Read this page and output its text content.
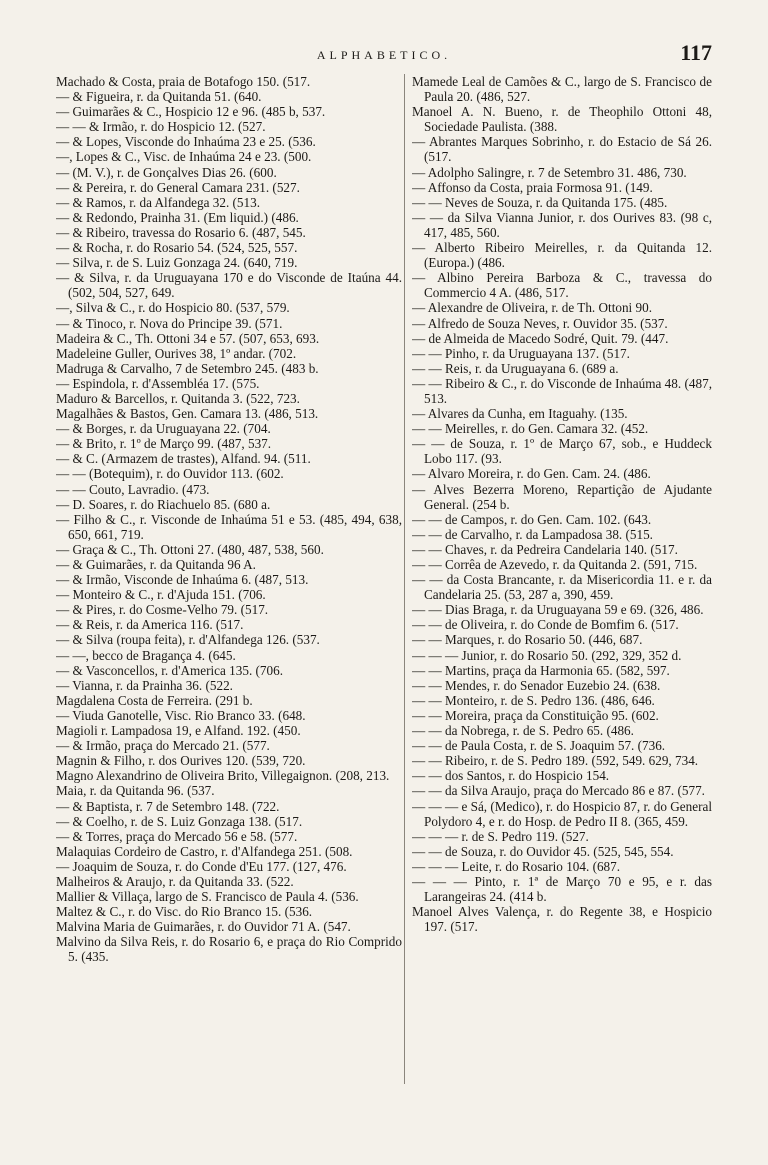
ALPHABETICO.	117

Machado & Costa, praia de Botafogo 150. (517.

— & Figueira, r. da Quitanda 51. (640.

— Guimarães & C., Hospicio 12 e 96. (485 b, 537.

— — & Irmão, r. do Hospicio 12. (527.

— & Lopes, Visconde do Inhaúma 23 e 25. (536.

—, Lopes & C., Visc. de Inhaúma 24 e 23. (500.

— (M. V.), r. de Gonçalves Dias 26. (600.

— & Pereira, r. do General Camara 231. (527.

— & Ramos, r. da Alfandega 32. (513.

— & Redondo, Prainha 31. (Em liquid.) (486.

— & Ribeiro, travessa do Rosario 6. (487, 545.

— & Rocha, r. do Rosario 54. (524, 525, 557.

— Silva, r. de S. Luiz Gonzaga 24. (640, 719.

— & Silva, r. da Uruguayana 170 e do Visconde de Itaúna 44. (502, 504, 527, 649.

—, Silva & C., r. do Hospicio 80. (537, 579.

— & Tinoco, r. Nova do Principe 39. (571.

Madeira & C., Th. Ottoni 34 e 57. (507, 653, 693.

Madeleine Guller, Ourives 38, 1º andar. (702.

Madruga & Carvalho, 7 de Setembro 245. (483 b.

— Espindola, r. d'Assembléa 17. (575.

Maduro & Barcellos, r. Quitanda 3. (522, 723.

Magalhães & Bastos, Gen. Camara 13. (486, 513.

— & Borges, r. da Uruguayana 22. (704.

— & Brito, r. 1º de Março 99. (487, 537.

— & C. (Armazem de trastes), Alfand. 94. (511.

— — (Botequim), r. do Ouvidor 113. (602.

— — Couto, Lavradio. (473.

— D. Soares, r. do Riachuelo 85. (680 a.

— Filho & C., r. Visconde de Inhaúma 51 e 53. (485, 494, 638, 650, 661, 719.

— Graça & C., Th. Ottoni 27. (480, 487, 538, 560.

— & Guimarães, r. da Quitanda 96 A.

— & Irmão, Visconde de Inhaúma 6. (487, 513.

— Monteiro & C., r. d'Ajuda 151. (706.

— & Pires, r. do Cosme-Velho 79. (517.

— & Reis, r. da America 116. (517.

— & Silva (roupa feita), r. d'Alfandega 126. (537.

— —, becco de Bragança 4. (645.

— & Vasconcellos, r. d'America 135. (706.

— Vianna, r. da Prainha 36. (522.

Magdalena Costa de Ferreira. (291 b.

— Viuda Ganotelle, Visc. Rio Branco 33. (648.

Magioli r. Lampadosa 19, e Alfand. 192. (450.

— & Irmão, praça do Mercado 21. (577.

Magnin & Filho, r. dos Ourives 120. (539, 720.

Magno Alexandrino de Oliveira Brito, Villegaignon. (208, 213.

Maia, r. da Quitanda 96. (537.

— & Baptista, r. 7 de Setembro 148. (722.

— & Coelho, r. de S. Luiz Gonzaga 138. (517.

— & Torres, praça do Mercado 56 e 58. (577.

Malaquias Cordeiro de Castro, r. d'Alfandega 251. (508.

— Joaquim de Souza, r. do Conde d'Eu 177. (127, 476.

Malheiros & Araujo, r. da Quitanda 33. (522.

Mallier & Villaça, largo de S. Francisco de Paula 4. (536.

Maltez & C., r. do Visc. do Rio Branco 15. (536.

Malvina Maria de Guimarães, r. do Ouvidor 71 A. (547.

Malvino da Silva Reis, r. do Rosario 6, e praça do Rio Comprido 5. (435.

Mamede Leal de Camões & C., largo de S. Francisco de Paula 20. (486, 527.

Manoel A. N. Bueno, r. de Theophilo Ottoni 48, Sociedade Paulista. (388.

— Abrantes Marques Sobrinho, r. do Estacio de Sá 26. (517.

— Adolpho Salingre, r. 7 de Setembro 31. 486, 730.

— Affonso da Costa, praia Formosa 91. (149.

— — Neves de Souza, r. da Quitanda 175. (485.

— — da Silva Vianna Junior, r. dos Ourives 83. (98 c, 417, 485, 560.

— Alberto Ribeiro Meirelles, r. da Quitanda 12. (Europa.) (486.

— Albino Pereira Barboza & C., travessa do Commercio 4 A. (486, 517.

— Alexandre de Oliveira, r. de Th. Ottoni 90.

— Alfredo de Souza Neves, r. Ouvidor 35. (537.

— de Almeida de Macedo Sodré, Quit. 79. (447.

— — Pinho, r. da Uruguayana 137. (517.

— — Reis, r. da Uruguayana 6. (689 a.

— — Ribeiro & C., r. do Visconde de Inhaúma 48. (487, 513.

— Alvares da Cunha, em Itaguahy. (135.

— — Meirelles, r. do Gen. Camara 32. (452.

— — de Souza, r. 1º de Março 67, sob., e Huddeck Lobo 117. (93.

— Alvaro Moreira, r. do Gen. Cam. 24. (486.

— Alves Bezerra Moreno, Repartição de Ajudante General. (254 b.

— — de Campos, r. do Gen. Cam. 102. (643.

— — de Carvalho, r. da Lampadosa 38. (515.

— — Chaves, r. da Pedreira Candelaria 140. (517.

— — Corrêa de Azevedo, r. da Quitanda 2. (591, 715.

— — da Costa Brancante, r. da Misericordia 11. e r. da Candelaria 25. (53, 287 a, 390, 459.

— — Dias Braga, r. da Uruguayana 59 e 69. (326, 486.

— — de Oliveira, r. do Conde de Bomfim 6. (517.

— — Marques, r. do Rosario 50. (446, 687.

— — — Junior, r. do Rosario 50. (292, 329, 352 d.

— — Martins, praça da Harmonia 65. (582, 597.

— — Mendes, r. do Senador Euzebio 24. (638.

— — Monteiro, r. de S. Pedro 136. (486, 646.

— — Moreira, praça da Constituição 95. (602.

— — da Nobrega, r. de S. Pedro 65. (486.

— — de Paula Costa, r. de S. Joaquim 57. (736.

— — Ribeiro, r. de S. Pedro 189. (592, 549. 629, 734.

— — dos Santos, r. do Hospicio 154.

— — da Silva Araujo, praça do Mercado 86 e 87. (577.

— — — e Sá, (Medico), r. do Hospicio 87, r. do General Polydoro 4, e r. do Hosp. de Pedro II 8. (365, 459.

— — — r. de S. Pedro 119. (527.

— — de Souza, r. do Ouvidor 45. (525, 545, 554.

— — — Leite, r. do Rosario 104. (687.

— — — Pinto, r. 1ª de Março 70 e 95, e r. das Larangeiras 24. (414 b.

Manoel Alves Valença, r. do Regente 38, e Hospicio 197. (517.
